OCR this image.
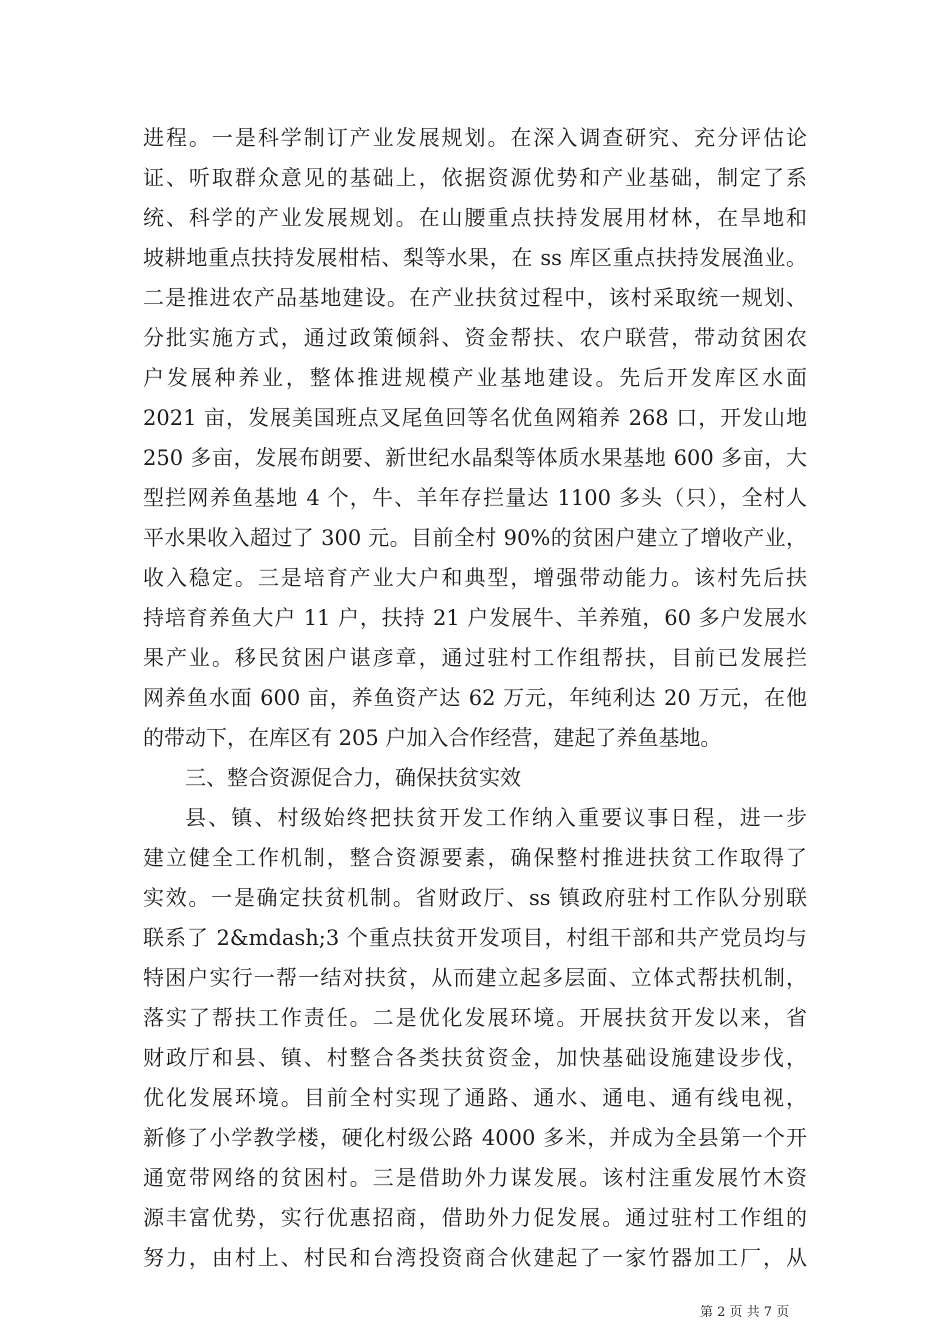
进程。一是科学制订产业发展规划。在深入调查研究、充分评估论
证、听取群众意见的基础上，依据资源优势和产业基础，制定了系
统、科学的产业发展规划。在山腰重点扶持发展用材林，在旱地和
坡耕地重点扶持发展柑桔、梨等水果，在 ss 库区重点扶持发展渔业。
二是推进农产品基地建设。在产业扶贫过程中，该村采取统一规划、
分批实施方式，通过政策倾斜、资金帮扶、农户联营，带动贫困农
户发展种养业，整体推进规模产业基地建设。先后开发库区水面
2021 亩，发展美国班点叉尾鱼回等名优鱼网箱养 268 口，开发山地
250 多亩，发展布朗要、新世纪水晶梨等体质水果基地 600 多亩，大
型拦网养鱼基地 4 个，牛、羊年存拦量达 1100 多头（只），全村人
平水果收入超过了 300 元。目前全村 90%的贫困户建立了增收产业，
收入稳定。三是培育产业大户和典型，增强带动能力。该村先后扶
持培育养鱼大户 11 户，扶持 21 户发展牛、羊养殖，60 多户发展水
果产业。移民贫困户谌彦章，通过驻村工作组帮扶，目前已发展拦
网养鱼水面 600 亩，养鱼资产达 62 万元，年纯利达 20 万元，在他
的带动下，在库区有 205 户加入合作经营，建起了养鱼基地。
三、整合资源促合力，确保扶贫实效
县、镇、村级始终把扶贫开发工作纳入重要议事日程，进一步
建立健全工作机制，整合资源要素，确保整村推进扶贫工作取得了
实效。一是确定扶贫机制。省财政厅、ss 镇政府驻村工作队分别联
联系了 2&mdash;3 个重点扶贫开发项目，村组干部和共产党员均与
特困户实行一帮一结对扶贫，从而建立起多层面、立体式帮扶机制，
落实了帮扶工作责任。二是优化发展环境。开展扶贫开发以来，省
财政厅和县、镇、村整合各类扶贫资金，加快基础设施建设步伐，
优化发展环境。目前全村实现了通路、通水、通电、通有线电视，
新修了小学教学楼，硬化村级公路 4000 多米，并成为全县第一个开
通宽带网络的贫困村。三是借助外力谋发展。该村注重发展竹木资
源丰富优势，实行优惠招商，借助外力促发展。通过驻村工作组的
努力，由村上、村民和台湾投资商合伙建起了一家竹器加工厂，从
第 2 页 共 7 页
